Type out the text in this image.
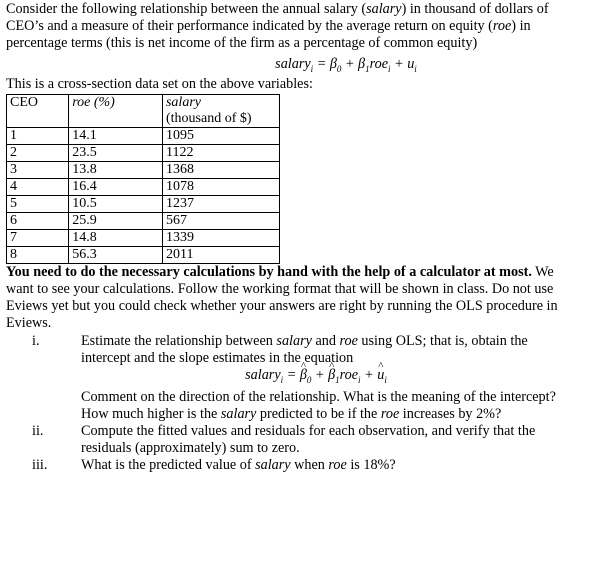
Consider the following relationship between the annual salary (salary) in thousand of dollars of CEO’s and a measure of their performance indicated by the average return on equity (roe) in percentage terms (this is net income of the firm as a percentage of common equity)

salary$_i$ = $\beta_0 + \beta_1roe_i + u_i$

This is a cross-section data set on the above variables:

CEO	roe (%)	salary
(thousand of $)
1	14.1	1095
2	23.5	1122
3	13.8	1368
4	16.4	1078
5	10.5	1237
6	25.9	567
7	14.8	1339
8	56.3	2011

You need to do the necessary calculations by hand with the help of a calculator at most. We want to see your calculations. Follow the working format that will be shown in class. Do not use Eviews yet but you could check whether your answers are right by running the OLS procedure in Eviews.

i.	Estimate the relationship between salary and roe using OLS; that is, obtain the intercept and the slope estimates in the equation

salary$_i$ = ^ $\beta_0$ + ^ $\beta_1roe_i$ + ^ $u_i$

Comment on the direction of the relationship. What is the meaning of the intercept? How much higher is the salary predicted to be if the roe increases by 2%?

ii.	Compute the fitted values and residuals for each observation, and verify that the residuals (approximately) sum to zero.

iii.	What is the predicted value of salary when roe is 18%?
